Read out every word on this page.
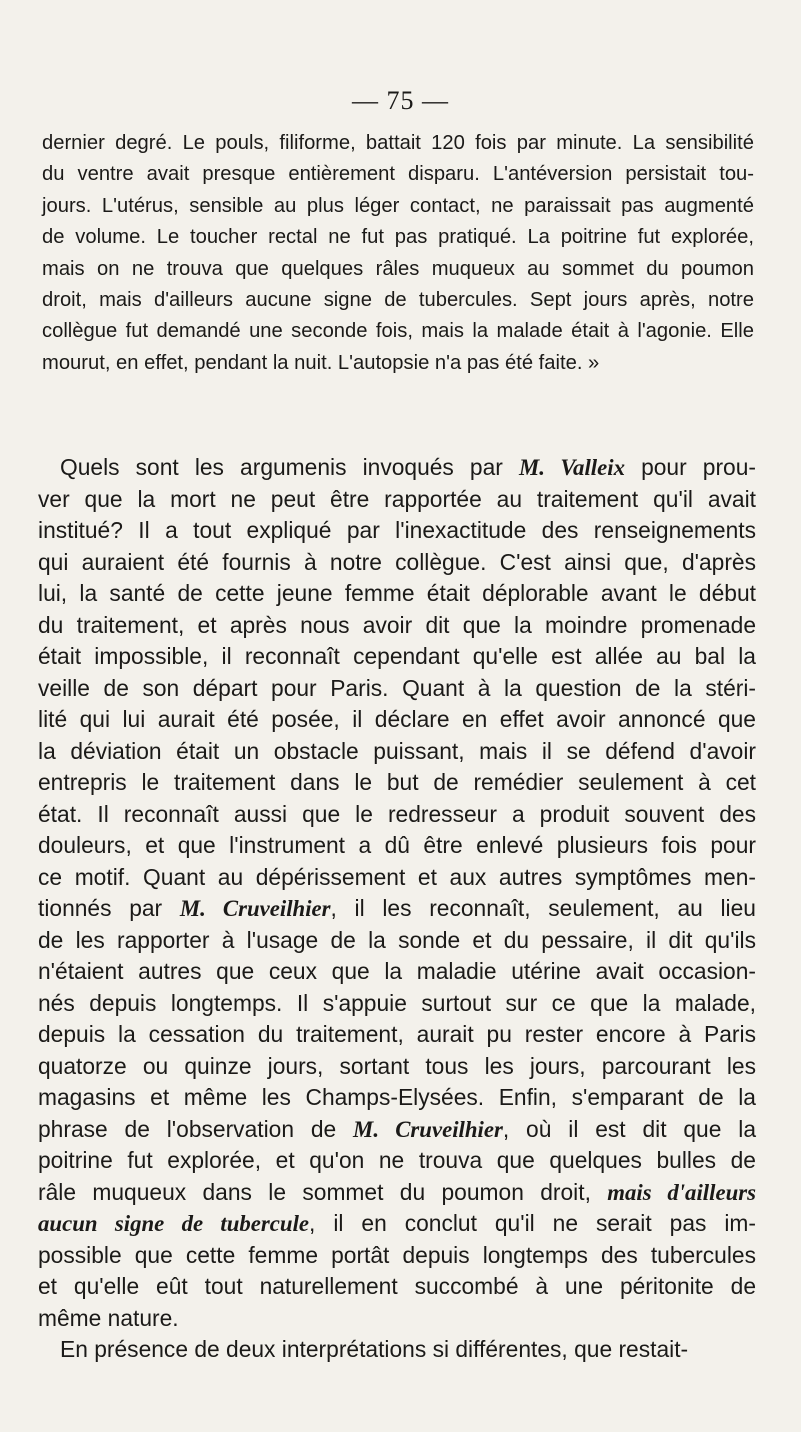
— 75 —
dernier degré. Le pouls, filiforme, battait 120 fois par minute. La sensibilité
du ventre avait presque entièrement disparu. L'antéversion persistait tou-
jours. L'utérus, sensible au plus léger contact, ne paraissait pas augmenté
de volume. Le toucher rectal ne fut pas pratiqué. La poitrine fut explorée,
mais on ne trouva que quelques râles muqueux au sommet du poumon
droit, mais d'ailleurs aucune signe de tubercules. Sept jours après, notre
collègue fut demandé une seconde fois, mais la malade était à l'agonie. Elle
mourut, en effet, pendant la nuit. L'autopsie n'a pas été faite. »
Quels sont les argumenis invoqués par M. Valleix pour prou-
ver que la mort ne peut être rapportée au traitement qu'il avait
institué? Il a tout expliqué par l'inexactitude des renseignements
qui auraient été fournis à notre collègue. C'est ainsi que, d'après
lui, la santé de cette jeune femme était déplorable avant le début
du traitement, et après nous avoir dit que la moindre promenade
était impossible, il reconnaît cependant qu'elle est allée au bal la
veille de son départ pour Paris. Quant à la question de la stéri-
lité qui lui aurait été posée, il déclare en effet avoir annoncé que
la déviation était un obstacle puissant, mais il se défend d'avoir
entrepris le traitement dans le but de remédier seulement à cet
état. Il reconnaît aussi que le redresseur a produit souvent des
douleurs, et que l'instrument a dû être enlevé plusieurs fois pour
ce motif. Quant au dépérissement et aux autres symptômes men-
tionnés par M. Cruveilhier, il les reconnaît, seulement, au lieu
de les rapporter à l'usage de la sonde et du pessaire, il dit qu'ils
n'étaient autres que ceux que la maladie utérine avait occasion-
nés depuis longtemps. Il s'appuie surtout sur ce que la malade,
depuis la cessation du traitement, aurait pu rester encore à Paris
quatorze ou quinze jours, sortant tous les jours, parcourant les
magasins et même les Champs-Elysées. Enfin, s'emparant de la
phrase de l'observation de M. Cruveilhier, où il est dit que la
poitrine fut explorée, et qu'on ne trouva que quelques bulles de
râle muqueux dans le sommet du poumon droit, mais d'ailleurs
aucun signe de tubercule, il en conclut qu'il ne serait pas im-
possible que cette femme portât depuis longtemps des tubercules
et qu'elle eût tout naturellement succombé à une péritonite de
même nature.
En présence de deux interprétations si différentes, que restait-
